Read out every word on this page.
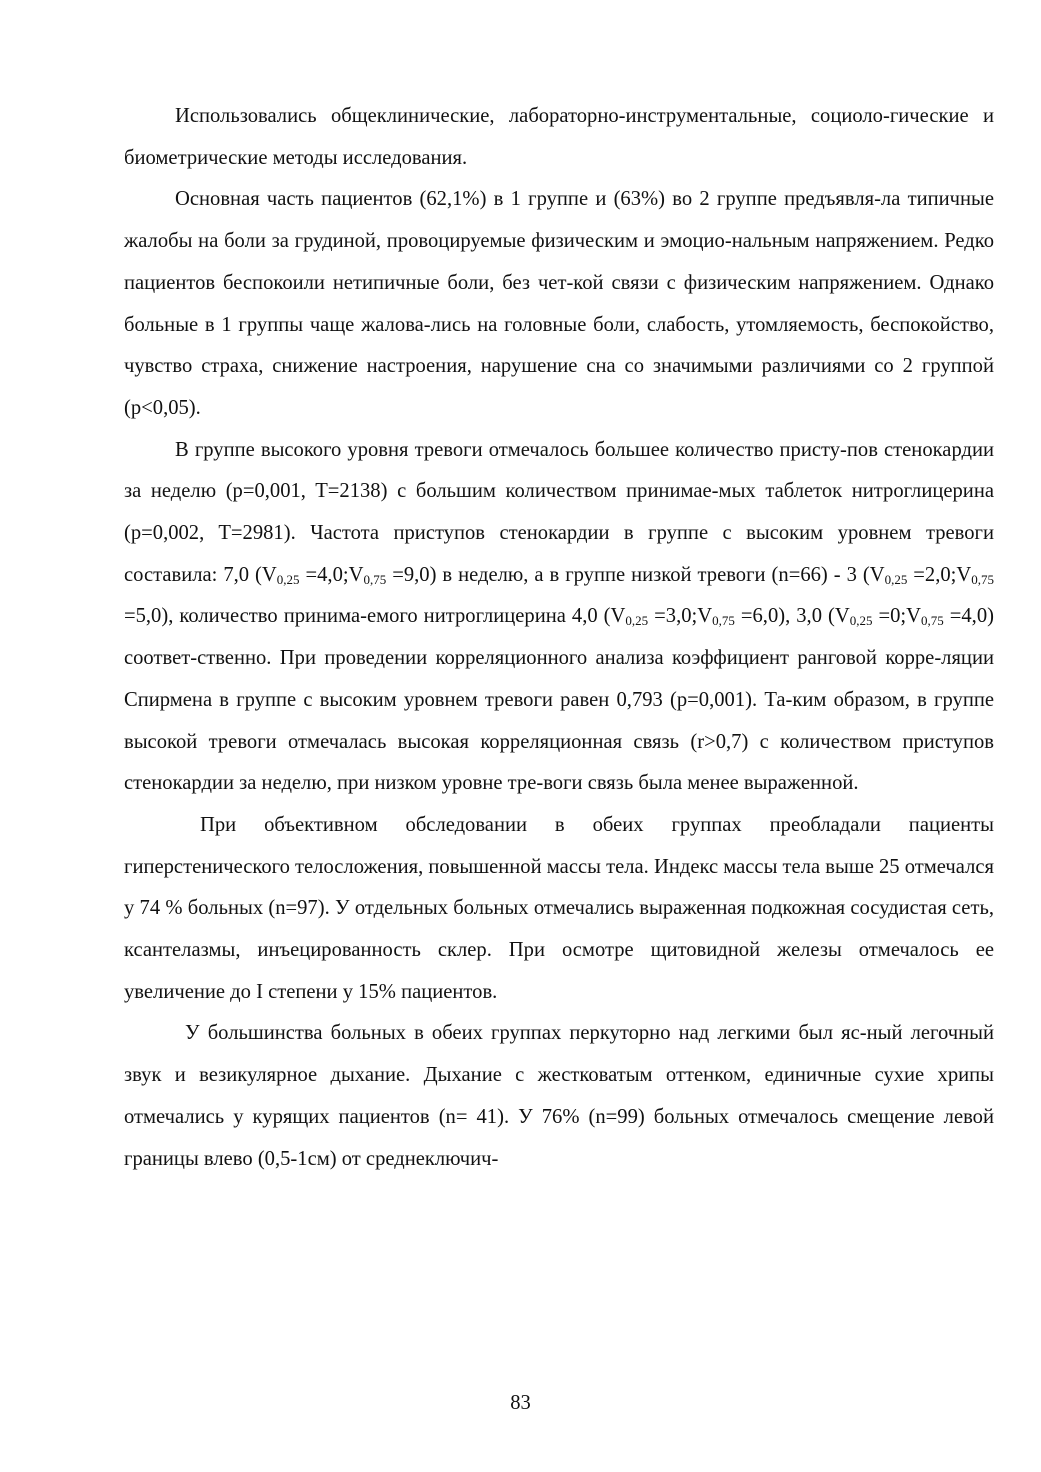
Использовались общеклинические, лабораторно-инструментальные, социоло-гические и биометрические методы исследования.

Основная часть пациентов (62,1%) в 1 группе и (63%) во 2 группе предъявля-ла типичные жалобы на боли за грудиной, провоцируемые физическим и эмоцио-нальным напряжением. Редко пациентов беспокоили нетипичные боли, без чет-кой связи с физическим напряжением. Однако больные в 1 группы чаще жалова-лись на головные боли, слабость, утомляемость, беспокойство, чувство страха, снижение настроения, нарушение сна со значимыми различиями со 2 группой (p<0,05).

В группе высокого уровня тревоги отмечалось большее количество присту-пов стенокардии за неделю (p=0,001, T=2138) с большим количеством принимае-мых таблеток нитроглицерина (p=0,002, T=2981). Частота приступов стенокардии в группе с высоким уровнем тревоги составила: 7,0 ($V_{0,25}$ $=4,0;V_{0,75} =9,0$) в неделю, а в группе низкой тревоги (n=66) - 3 ($V_{0,25}$ $=2,0;V_{0,75} =5,0$), количество принима-емого нитроглицерина 4,0 ($V_{0,25}$ $=3,0;V_{0,75} =6,0$), 3,0 ($V_{0,25}$ $=0;V_{0,75} =4,0$) соответ-ственно. При проведении корреляционного анализа коэффициент ранговой корре-ляции Спирмена в группе с высоким уровнем тревоги равен 0,793 (p=0,001). Та-ким образом, в группе высокой тревоги отмечалась высокая корреляционная связь (r>0,7) с количеством приступов стенокардии за неделю, при низком уровне тре-воги связь была менее выраженной.

При объективном обследовании в обеих группах преобладали пациенты гиперстенического телосложения, повышенной массы тела. Индекс массы тела выше 25 отмечался у 74 % больных (n=97). У отдельных больных отмечались выраженная подкожная сосудистая сеть, ксантелазмы, инъецированность склер. При осмотре щитовидной железы отмечалось ее увеличение до I степени у 15% пациентов.

У большинства больных в обеих группах перкуторно над легкими был яс-ный легочный звук и везикулярное дыхание. Дыхание с жестковатым оттенком, единичные сухие хрипы отмечались у курящих пациентов (n= 41). У 76% (n=99) больных отмечалось смещение левой границы влево (0,5-1см) от среднеключич-

83
